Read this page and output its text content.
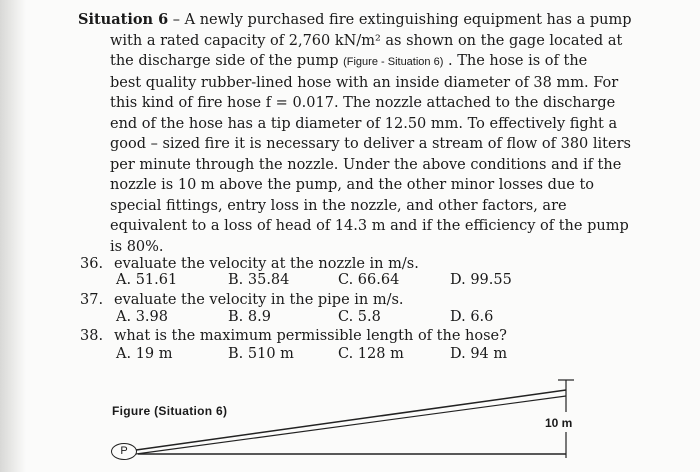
Situation 6 – A newly purchased fire extinguishing equipment has a pump
with a rated capacity of 2,760 kN/m² as shown on the gage located at
the discharge side of the pump (Figure - Situation 6) . The hose is of the
best quality rubber-lined hose with an inside diameter of 38 mm. For
this kind of fire hose f = 0.017. The nozzle attached to the discharge
end of the hose has a tip diameter of 12.50 mm. To effectively fight a
good – sized fire it is necessary to deliver a stream of flow of 380 liters
per minute through the nozzle. Under the above conditions and if the
nozzle is 10 m above the pump, and the other minor losses due to
special fittings, entry loss in the nozzle, and other factors, are
equivalent to a loss of head of 14.3 m and if the efficiency of the pump
is 80%.
36. evaluate the velocity at the nozzle in m/s.
A. 51.61	B. 35.84	C. 66.64	D. 99.55
37. evaluate the velocity in the pipe in m/s.
A. 3.98	B. 8.9	C. 5.8	D. 6.6
38. what is the maximum permissible length of the hose?
A. 19 m	B. 510 m	C. 128 m	D. 94 m
Figure (Situation 6)
10 m
P
